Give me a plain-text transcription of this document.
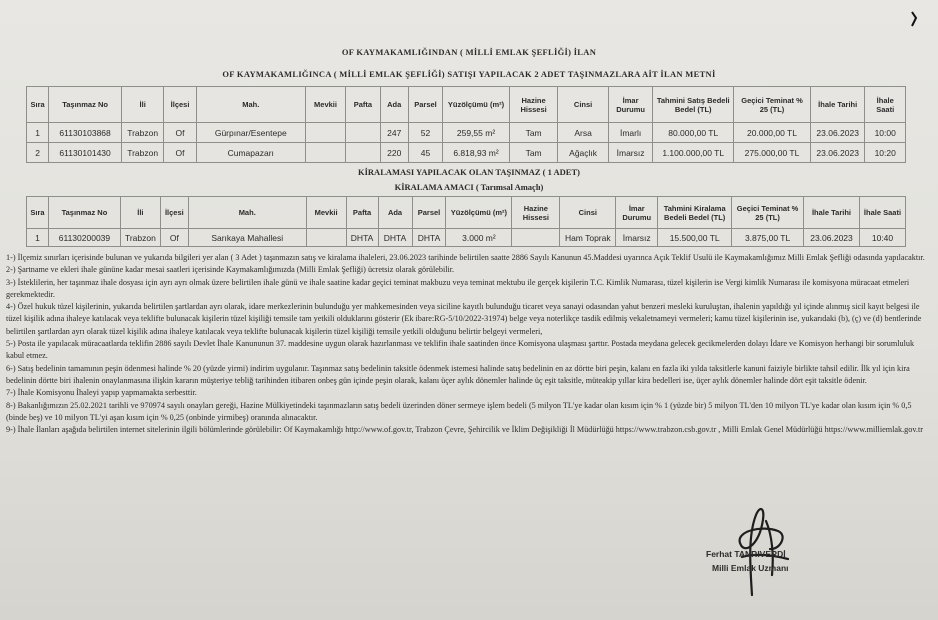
OF KAYMAKAMLIĞINDAN ( MİLLİ EMLAK ŞEFLİĞİ) İLAN
OF KAYMAKAMLIĞINCA ( MİLLİ EMLAK ŞEFLİĞİ) SATIŞI YAPILACAK 2 ADET TAŞINMAZLARA AİT İLAN METNİ
Sıra	Taşınmaz No	İli	İlçesi	Mah.	Mevkii	Pafta	Ada	Parsel	Yüzölçümü (m²)	Hazine Hissesi	Cinsi	İmar Durumu	Tahmini Satış Bedeli Bedel (TL)	Geçici Teminat % 25 (TL)	İhale Tarihi	İhale Saati
1	61130103868	Trabzon	Of	Gürpınar/Esentepe			247	52	259,55 m²	Tam	Arsa	İmarlı	80.000,00 TL	20.000,00 TL	23.06.2023	10:00
2	61130101430	Trabzon	Of	Cumapazarı			220	45	6.818,93 m²	Tam	Ağaçlık	İmarsız	1.100.000,00 TL	275.000,00 TL	23.06.2023	10:20
KİRALAMASI YAPILACAK OLAN TAŞINMAZ ( 1 ADET)
KİRALAMA AMACI ( Tarımsal Amaçlı)
Sıra	Taşınmaz No	İli	İlçesi	Mah.	Mevkii	Pafta	Ada	Parsel	Yüzölçümü (m²)	Hazine Hissesi	Cinsi	İmar Durumu	Tahmini Kiralama Bedeli Bedel (TL)	Geçici Teminat % 25 (TL)	İhale Tarihi	İhale Saati
1	61130200039	Trabzon	Of	Sarıkaya Mahallesi		DHTA	DHTA	DHTA	3.000 m²		Ham Toprak	İmarsız	15.500,00 TL	3.875,00 TL	23.06.2023	10:40

1-) İlçemiz sınırları içerisinde bulunan ve yukarıda bilgileri yer alan ( 3 Adet ) taşınmazın satış ve kiralama ihaleleri, 23.06.2023 tarihinde belirtilen saatte 2886 Sayılı Kanunun 45.Maddesi uyarınca Açık Teklif Usulü ile Kaymakamlığımız Milli Emlak Şefliği odasında yapılacaktır.

2-) Şartname ve ekleri ihale gününe kadar mesai saatleri içerisinde Kaymakamlığımızda (Milli Emlak Şefliği) ücretsiz olarak görülebilir.

3-) İsteklilerin, her taşınmaz ihale dosyası için ayrı ayrı olmak üzere belirtilen ihale günü ve ihale saatine kadar geçici teminat makbuzu veya teminat mektubu ile gerçek kişilerin T.C. Kimlik Numarası, tüzel kişilerin ise Vergi kimlik Numarası ile komisyona müracaat etmeleri gerekmektedir.

4-) Özel hukuk tüzel kişilerinin, yukarıda belirtilen şartlardan ayrı olarak, idare merkezlerinin bulunduğu yer mahkemesinden veya siciline kayıtlı bulunduğu ticaret veya sanayi odasından yahut benzeri mesleki kuruluştan, ihalenin yapıldığı yıl içinde alınmış sicil kayıt belgesi ile tüzel kişilik adına ihaleye katılacak veya teklifte bulunacak kişilerin tüzel kişiliği temsile tam yetkili olduklarını gösterir (Ek ibare:RG-5/10/2022-31974) belge veya noterlikçe tasdik edilmiş vekaletnameyi vermeleri; kamu tüzel kişilerinin ise, yukarıdaki (b), (ç) ve (d) bentlerinde belirtilen şartlardan ayrı olarak tüzel kişilik adına ihaleye katılacak veya teklifte bulunacak kişilerin tüzel kişiliği temsile yetkili olduğunu belirtir belgeyi vermeleri,

5-) Posta ile yapılacak müracaatlarda teklifin 2886 sayılı Devlet İhale Kanununun 37. maddesine uygun olarak hazırlanması ve teklifin ihale saatinden önce Komisyona ulaşması şarttır. Postada meydana gelecek gecikmelerden dolayı İdare ve Komisyon herhangi bir sorumluluk kabul etmez.

6-) Satış bedelinin tamamının peşin ödenmesi halinde % 20 (yüzde yirmi) indirim uygulanır. Taşınmaz satış bedelinin taksitle ödenmek istemesi halinde satış bedelinin en az dörtte biri peşin, kalanı en fazla iki yılda taksitlerle kanuni faiziyle birlikte tahsil edilir. İlk yıl için kira bedelinin dörtte biri ihalenin onaylanmasına ilişkin kararın müşteriye tebliğ tarihinden itibaren onbeş gün içinde peşin olarak, kalanı üçer aylık dönemler halinde üç eşit taksitle, müteakip yıllar kira bedelleri ise, üçer aylık dönemler halinde dört eşit taksitle ödenir.

7-) İhale Komisyonu İhaleyi yapıp yapmamakta serbesttir.

8-) Bakanlığımızın 25.02.2021 tarihli ve 970974 sayılı onayları gereği, Hazine Mülkiyetindeki taşınmazların satış bedeli üzerinden döner sermeye işlem bedeli (5 milyon TL'ye kadar olan kısım için % 1 (yüzde bir) 5 milyon TL'den 10 milyon TL'ye kadar olan kısım için % 0,5 (binde beş) ve 10 milyon TL'yi aşan kısım için % 0,25 (onbinde yirmibeş) oranında alınacaktır.

9-) İhale İlanları aşağıda belirtilen internet sitelerinin ilgili bölümlerinde görülebilir: Of Kaymakamlığı http://www.of.gov.tr, Trabzon Çevre, Şehircilik ve İklim Değişikliği İl Müdürlüğü https://www.trabzon.csb.gov.tr , Milli Emlak Genel Müdürlüğü https://www.milliemlak.gov.tr

Ferhat TANRIVERDİ
Milli Emlak Uzmanı
